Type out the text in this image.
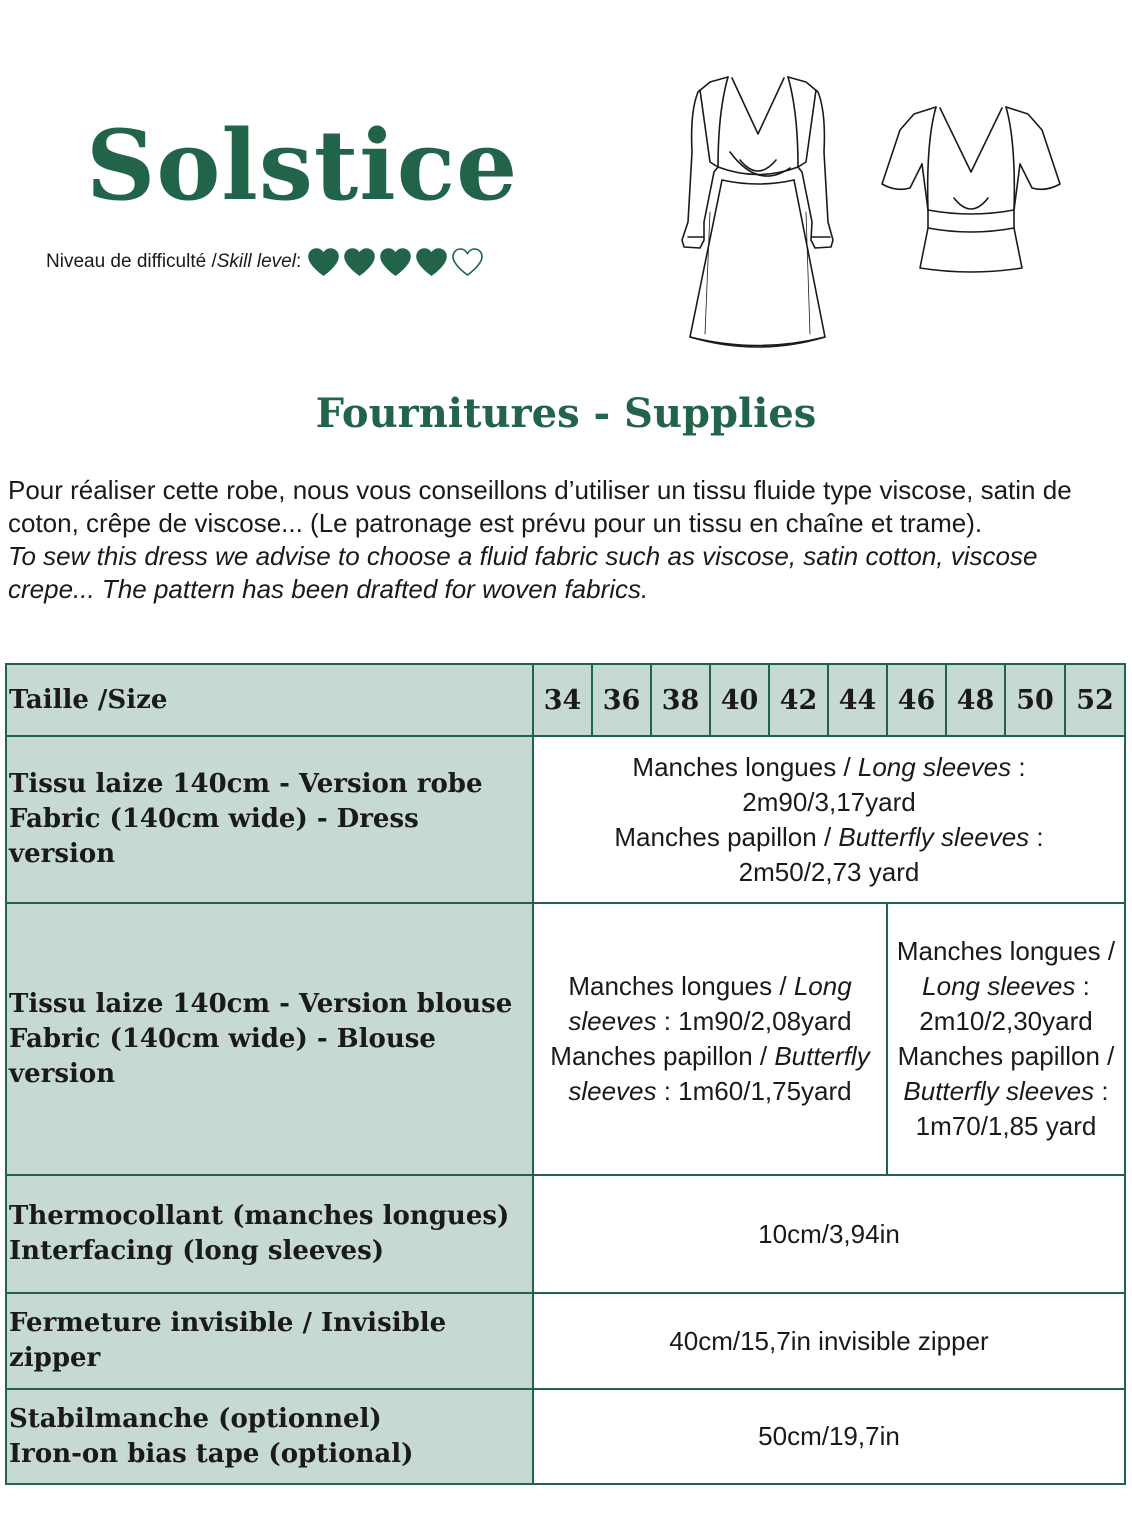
Solstice
Niveau de difficulté / Skill level :
Fournitures - Supplies

Pour réaliser cette robe, nous vous conseillons d’utiliser un tissu fluide type viscose, satin de coton, crêpe de viscose... (Le patronage est prévu pour un tissu en chaîne et trame).

To sew this dress we advise to choose a fluid fabric such as viscose, satin cotton, viscose crepe... The pattern has been drafted for woven fabrics.

Taille /Size	34	36	38	40	42	44	46	48	50	52

Tissu laize 140cm - Version robe
Fabric (140cm wide) - Dress version	Manches longues / Long sleeves : 2m90/3,17yard
Manches papillon / Butterfly sleeves : 2m50/2,73 yard									

Tissu laize 140cm - Version blouse
Fabric (140cm wide) - Blouse version	Manches longues / Long sleeves : 1m90/2,08yard Manches papillon / Butterfly sleeves : 1m60/1,75yard						Manches longues / Long sleeves : 2m10/2,30yard Manches papillon / Butterfly sleeves : 1m70/1,85 yard			

Thermocollant (manches longues)
Interfacing (long sleeves)	10cm/3,94in									
Fermeture invisible / Invisible zipper	40cm/15,7in invisible zipper									

Stabilmanche (optionnel)
Iron-on bias tape (optional)	50cm/19,7in									
